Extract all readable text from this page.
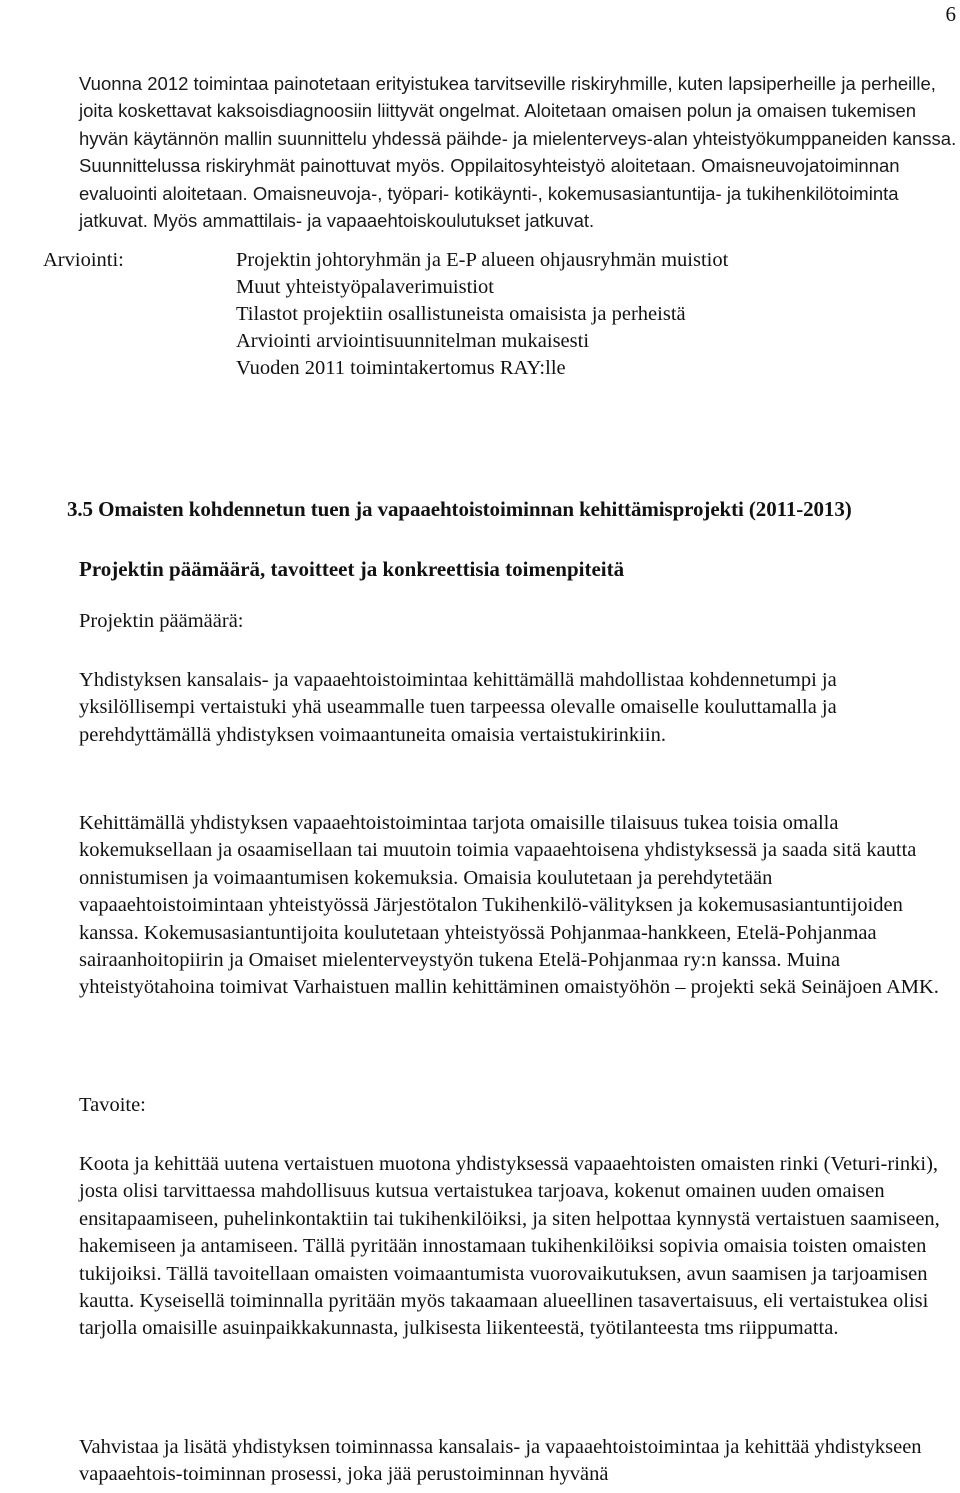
6

Vuonna 2012 toimintaa painotetaan erityistukea tarvitseville riskiryhmille, kuten lapsiperheille ja perheille, joita koskettavat kaksoisdiagnoosiin liittyvät ongelmat. Aloitetaan omaisen polun ja omaisen tukemisen hyvän käytännön mallin suunnittelu yhdessä päihde- ja mielenterveys-alan yhteistyökumppaneiden kanssa. Suunnittelussa riskiryhmät painottuvat myös. Oppilaitosyhteistyö aloitetaan. Omaisneuvojatoiminnan evaluointi aloitetaan. Omaisneuvoja-, työpari- kotikäynti-, kokemusasiantuntija- ja tukihenkilötoiminta jatkuvat. Myös ammattilais- ja vapaaehtoiskoulutukset jatkuvat.

Arviointi:	Projektin johtoryhmän ja E-P alueen ohjausryhmän muistiot
Muut yhteistyöpalaverimuistiot
Tilastot projektiin osallistuneista omaisista ja perheistä
Arviointi arviointisuunnitelman mukaisesti
Vuoden 2011 toimintakertomus RAY:lle
3.5 Omaisten kohdennetun tuen ja vapaaehtoistoiminnan kehittämisprojekti (2011-2013)
Projektin päämäärä, tavoitteet ja konkreettisia toimenpiteitä

Projektin päämäärä:

Yhdistyksen kansalais- ja vapaaehtoistoimintaa kehittämällä mahdollistaa kohdennetumpi ja yksilöllisempi vertaistuki yhä useammalle tuen tarpeessa olevalle omaiselle kouluttamalla ja perehdyttämällä yhdistyksen voimaantuneita omaisia vertaistukirinkiin.

Kehittämällä yhdistyksen vapaaehtoistoimintaa tarjota omaisille tilaisuus tukea toisia omalla kokemuksellaan ja osaamisellaan tai muutoin toimia vapaaehtoisena yhdistyksessä ja saada sitä kautta onnistumisen ja voimaantumisen kokemuksia. Omaisia koulutetaan ja perehdytetään vapaaehtoistoimintaan yhteistyössä Järjestötalon Tukihenkilö-välityksen ja kokemusasiantuntijoiden kanssa. Kokemusasiantuntijoita koulutetaan yhteistyössä Pohjanmaa-hankkeen, Etelä-Pohjanmaa sairaanhoitopiirin ja Omaiset mielenterveystyön tukena Etelä-Pohjanmaa ry:n kanssa. Muina yhteistyötahoina toimivat Varhaistuen mallin kehittäminen omaistyöhön – projekti sekä Seinäjoen AMK.

Tavoite:

Koota ja kehittää uutena vertaistuen muotona yhdistyksessä vapaaehtoisten omaisten rinki (Veturi-rinki), josta olisi tarvittaessa mahdollisuus kutsua vertaistukea tarjoava, kokenut omainen uuden omaisen ensitapaamiseen, puhelinkontaktiin tai tukihenkilöiksi, ja siten helpottaa kynnystä vertaistuen saamiseen, hakemiseen ja antamiseen. Tällä pyritään innostamaan tukihenkilöiksi sopivia omaisia toisten omaisten tukijoiksi. Tällä tavoitellaan omaisten voimaantumista vuorovaikutuksen, avun saamisen ja tarjoamisen kautta. Kyseisellä toiminnalla pyritään myös takaamaan alueellinen tasavertaisuus, eli vertaistukea olisi tarjolla omaisille asuinpaikkakunnasta, julkisesta liikenteestä, työtilanteesta tms riippumatta.

Vahvistaa ja lisätä yhdistyksen toiminnassa kansalais- ja vapaaehtoistoimintaa ja kehittää yhdistykseen vapaaehtois-toiminnan prosessi, joka jää perustoiminnan hyvänä
